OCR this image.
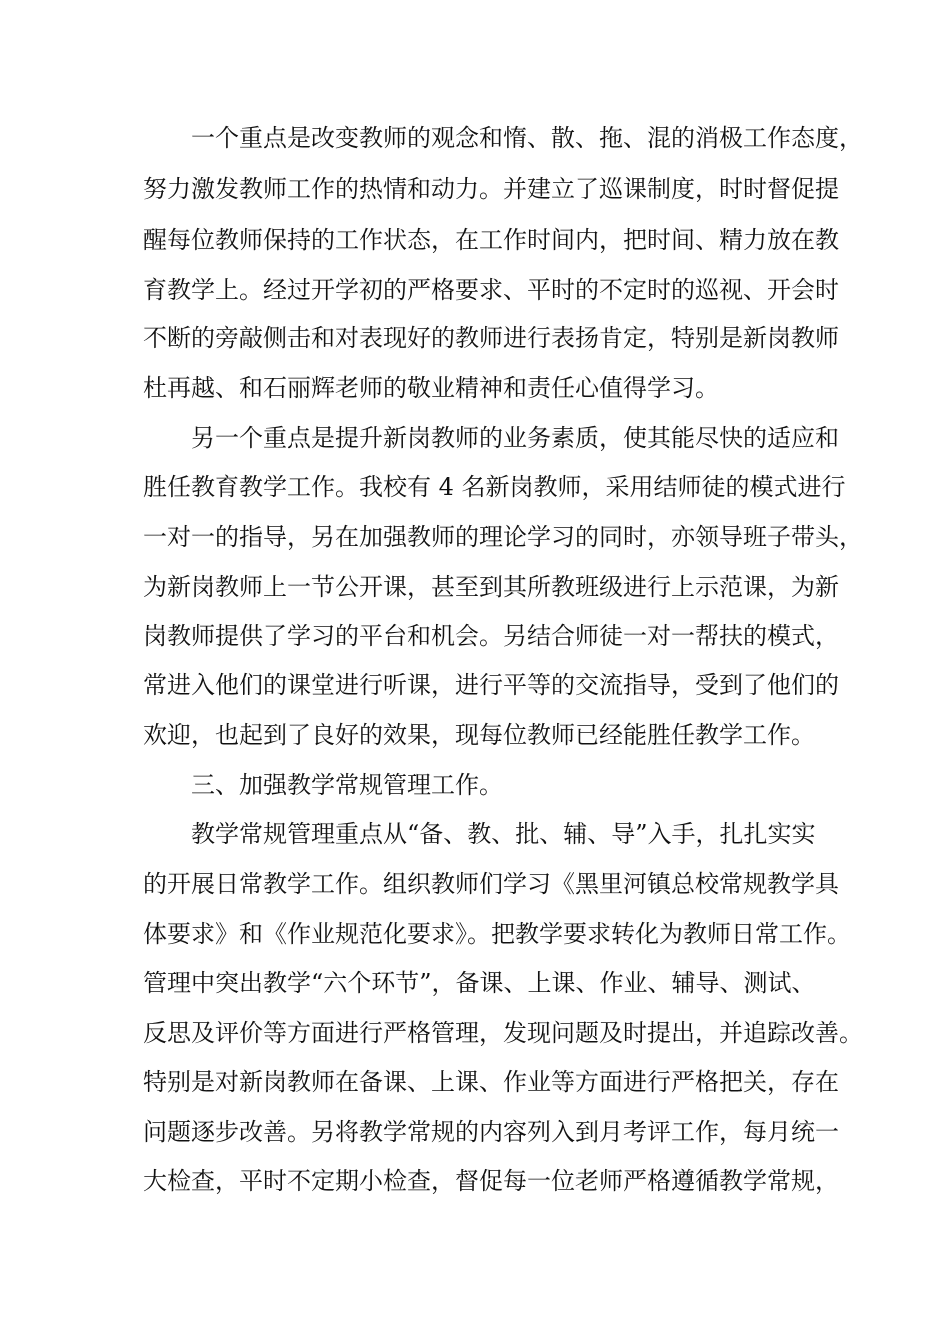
一个重点是改变教师的观念和惰、散、拖、混的消极工作态度，
努力激发教师工作的热情和动力。并建立了巡课制度，时时督促提
醒每位教师保持的工作状态，在工作时间内，把时间、精力放在教
育教学上。经过开学初的严格要求、平时的不定时的巡视、开会时
不断的旁敲侧击和对表现好的教师进行表扬肯定，特别是新岗教师
杜再越、和石丽辉老师的敬业精神和责任心值得学习。
另一个重点是提升新岗教师的业务素质，使其能尽快的适应和
胜任教育教学工作。我校有 4 名新岗教师，采用结师徒的模式进行
一对一的指导，另在加强教师的理论学习的同时，亦领导班子带头，
为新岗教师上一节公开课，甚至到其所教班级进行上示范课，为新
岗教师提供了学习的平台和机会。另结合师徒一对一帮扶的模式，
常进入他们的课堂进行听课，进行平等的交流指导，受到了他们的
欢迎，也起到了良好的效果，现每位教师已经能胜任教学工作。
三、加强教学常规管理工作。
教学常规管理重点从“备、教、批、辅、导”入手，扎扎实实
的开展日常教学工作。组织教师们学习《黑里河镇总校常规教学具
体要求》和《作业规范化要求》。把教学要求转化为教师日常工作。
管理中突出教学“六个环节”，备课、上课、作业、辅导、测试、
反思及评价等方面进行严格管理，发现问题及时提出，并追踪改善。
特别是对新岗教师在备课、上课、作业等方面进行严格把关，存在
问题逐步改善。另将教学常规的内容列入到月考评工作，每月统一
大检查，平时不定期小检查，督促每一位老师严格遵循教学常规，
